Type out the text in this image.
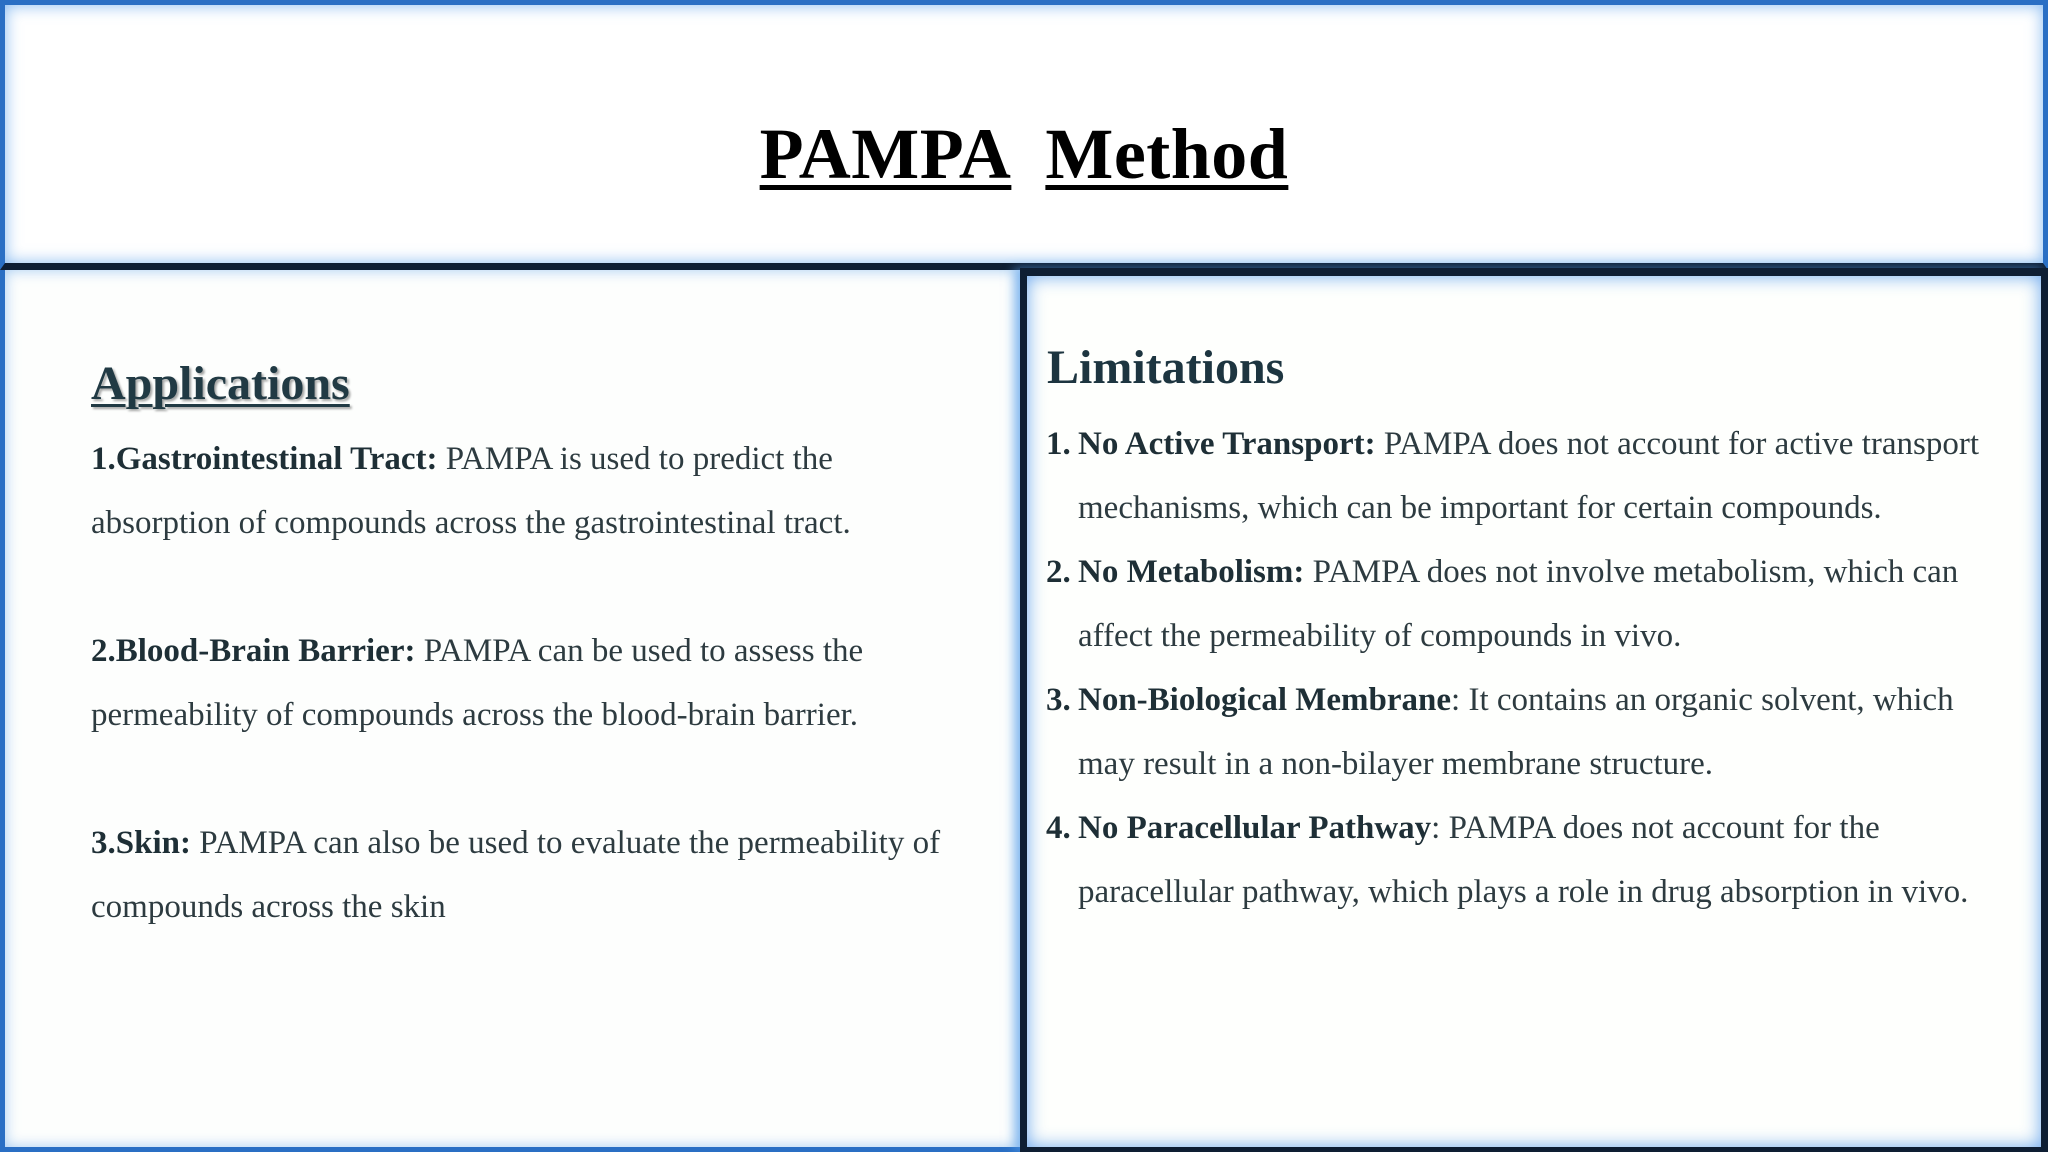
PAMPA Method
Applications
1.Gastrointestinal Tract: PAMPA is used to predict the absorption of compounds across the gastrointestinal tract.
2.Blood-Brain Barrier: PAMPA can be used to assess the permeability of compounds across the blood-brain barrier.
3.Skin: PAMPA can also be used to evaluate the permeability of compounds across the skin
Limitations
1. No Active Transport: PAMPA does not account for active transport mechanisms, which can be important for certain compounds.
2. No Metabolism: PAMPA does not involve metabolism, which can affect the permeability of compounds in vivo.
3. Non-Biological Membrane: It contains an organic solvent, which may result in a non-bilayer membrane structure.
4. No Paracellular Pathway: PAMPA does not account for the paracellular pathway, which plays a role in drug absorption in vivo.
